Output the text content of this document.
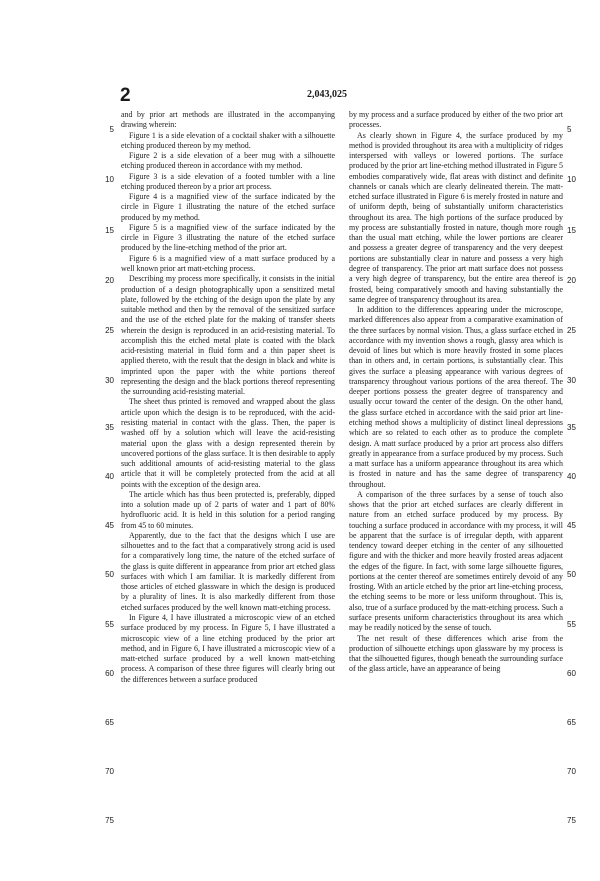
2	2,043,025

and by prior art methods are illustrated in the accompanying drawing wherein:

Figure 1 is a side elevation of a cocktail shaker with a silhouette etching produced thereon by my method.

Figure 2 is a side elevation of a beer mug with a silhouette etching produced thereon in accordance with my method.

Figure 3 is a side elevation of a footed tumbler with a line etching produced thereon by a prior art process.

Figure 4 is a magnified view of the surface indicated by the circle in Figure 1 illustrating the nature of the etched surface produced by my method.

Figure 5 is a magnified view of the surface indicated by the circle in Figure 3 illustrating the nature of the etched surface produced by the line-etching method of the prior art.

Figure 6 is a magnified view of a matt surface produced by a well known prior art matt-etching process.

Describing my process more specifically, it consists in the initial production of a design photographically upon a sensitized metal plate, followed by the etching of the design upon the plate by any suitable method and then by the removal of the sensitized surface and the use of the etched plate for the making of transfer sheets wherein the design is reproduced in an acid-resisting material. To accomplish this the etched metal plate is coated with the black acid-resisting material in fluid form and a thin paper sheet is applied thereto, with the result that the design in black and white is imprinted upon the paper with the white portions thereof representing the design and the black portions thereof representing the surrounding acid-resisting material.

The sheet thus printed is removed and wrapped about the glass article upon which the design is to be reproduced, with the acid-resisting material in contact with the glass. Then, the paper is washed off by a solution which will leave the acid-resisting material upon the glass with a design represented therein by uncovered portions of the glass surface. It is then desirable to apply such additional amounts of acid-resisting material to the glass article that it will be completely protected from the acid at all points with the exception of the design area.

The article which has thus been protected is, preferably, dipped into a solution made up of 2 parts of water and 1 part of 80% hydrofluoric acid. It is held in this solution for a period ranging from 45 to 60 minutes.

Apparently, due to the fact that the designs which I use are silhouettes and to the fact that a comparatively strong acid is used for a comparatively long time, the nature of the etched surface of the glass is quite different in appearance from prior art etched glass surfaces with which I am familiar. It is markedly different from those articles of etched glassware in which the design is produced by a plurality of lines. It is also markedly different from those etched surfaces produced by the well known matt-etching process.

In Figure 4, I have illustrated a microscopic view of an etched surface produced by my process. In Figure 5, I have illustrated a microscopic view of a line etching produced by the prior art method, and in Figure 6, I have illustrated a microscopic view of a matt-etched surface produced by a well known matt-etching process. A comparison of these three figures will clearly bring out the differences between a surface produced

by my process and a surface produced by either of the two prior art processes.

As clearly shown in Figure 4, the surface produced by my method is provided throughout its area with a multiplicity of ridges interspersed with valleys or lowered portions. The surface produced by the prior art line-etching method illustrated in Figure 5 embodies comparatively wide, flat areas with distinct and definite channels or canals which are clearly delineated therein. The matt-etched surface illustrated in Figure 6 is merely frosted in nature and of uniform depth, being of substantially uniform characteristics throughout its area. The high portions of the surface produced by my process are substantially frosted in nature, though more rough than the usual matt etching, while the lower portions are clearer and possess a greater degree of transparency and the very deepest portions are substantially clear in nature and possess a very high degree of transparency. The prior art matt surface does not possess a very high degree of transparency, but the entire area thereof is frosted, being comparatively smooth and having substantially the same degree of transparency throughout its area.

In addition to the differences appearing under the microscope, marked differences also appear from a comparative examination of the three surfaces by normal vision. Thus, a glass surface etched in accordance with my invention shows a rough, glassy area which is devoid of lines but which is more heavily frosted in some places than in others and, in certain portions, is substantially clear. This gives the surface a pleasing appearance with various degrees of transparency throughout various portions of the area thereof. The deeper portions possess the greater degree of transparency and usually occur toward the center of the design. On the other hand, the glass surface etched in accordance with the said prior art line-etching method shows a multiplicity of distinct lineal depressions which are so related to each other as to produce the complete design. A matt surface produced by a prior art process also differs greatly in appearance from a surface produced by my process. Such a matt surface has a uniform appearance throughout its area which is frosted in nature and has the same degree of transparency throughout.

A comparison of the three surfaces by a sense of touch also shows that the prior art etched surfaces are clearly different in nature from an etched surface produced by my process. By touching a surface produced in accordance with my process, it will be apparent that the surface is of irregular depth, with apparent tendency toward deeper etching in the center of any silhouetted figure and with the thicker and more heavily frosted areas adjacent the edges of the figure. In fact, with some large silhouette figures, portions at the center thereof are sometimes entirely devoid of any frosting. With an article etched by the prior art line-etching process, the etching seems to be more or less uniform throughout. This is, also, true of a surface produced by the matt-etching process. Such a surface presents uniform characteristics throughout its area which may be readily noticed by the sense of touch.

The net result of these differences which arise from the production of silhouette etchings upon glassware by my process is that the silhouetted figures, though beneath the surrounding surface of the glass article, have an appearance of being

5
10
15
20
25
30
35
40
45
50
55
60
65
70
75
5
10
15
20
25
30
35
40
45
50
55
60
65
70
75
